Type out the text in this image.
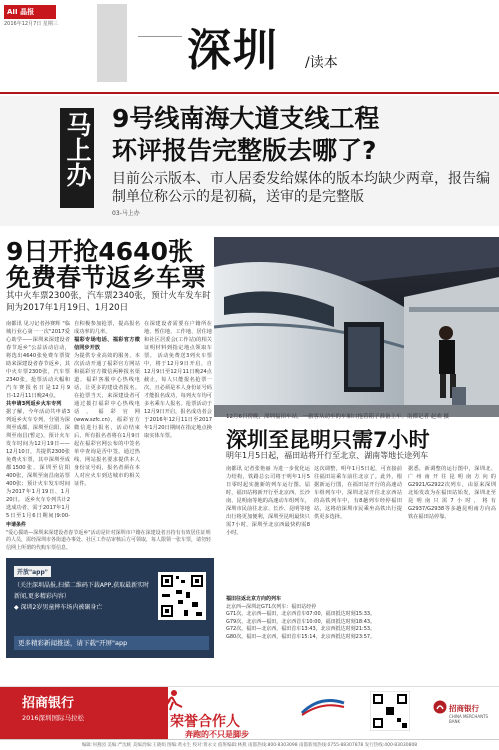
AII 晶报
2016年12月7日 星期三
深圳 /读本
马上办 9号线南海大道支线工程
环评报告完整版去哪了?
目前公示版本、市人居委发给媒体的版本均缺少两章，报告编制单位称公示的是初稿，送审的是完整版
03-马上办
9日开抢4640张
免费春节返乡车票
其中火车票2300张，汽车票2340张，预计火车发车时间为2017年1月19日、1月20日
南都讯 见习记者孙赛辉 "临城行业心第一一次"2017爱心助学——深圳来深建设者春节返乡"公益活动启动，将选出4640张免费车票资助来深建设者春节返乡，其中火车票2300张，汽车票2340张，抢票活动大幅和汽车赛报名日是12月9日-12月11日晚24点。
共申请3列返乡火车专列
据了解，今年活动共申请3列返乡火车专列，分别为深圳至成都、深圳至信阳、深圳至南昌(暂定)，预计火车发车时间为12月19日——12月10日，共提供2300张免费火车票，其中深圳至成都1500张、深圳至信阳400张，深圳至南昌南站票400张；预计火车发车时间为2017年1月19日、1月20日。 返乡火车专列共计2选成功者，需于2017年1月5日至1月6日期间(9:00-
自积极参加抢票，提高报名成功率的几率。
福彩专场电话、福彩官方微信同步开放
为提供专业高效的服务，本次活动开通了福彩官方网站和福彩官方微信两种报名渠道，福彩客服中心热线电话，让更多的建设者报名。在抢票当天，来深建设者可通过拨打福彩中心热线电话，福彩官网(www.szfc.cn)，福彩官方微信进行报名，活动结束后，所有报名者将在1月9日起在福彩官网公布的中签名单中查询是否中签。通过热线、网站报名要求提供本人身份证号码，报名者须在本人对应火车到达城市的相关证件。
在深建设者需要在户籍所在地、暂住地、工作地、居住地和社区居委会(工作站)的相关证明材料到指定地点领取车票。 活动免费送3列火车票中，将于12月9日开启，自12月9日至12月11日晚24点截止，每人只能报名抢票一次，且必须是本人身份证号码才能报名成功，每列火车均可多名乘车人报名。抢票活动于12月9日开启，报名成功者会于2016年12月11日至2017年1月20日期间在指定地点换取实体车票。
申请条件
"爱心援助—深圳来深建设者春节返乡"活动是针对深圳市户籍在深建设者且持有有效居住证明的人员，需经深圳市各街道办事处、社区工作站审核后方可领取，每人限领一张车票，请勿轻信网上所谓的代购车票信息。
开放"app"
（关注深圳晶报,扫描二维码下载APP,获取最新实时新闻,更多精彩内容）
◆ 深圳2岁男童摔车场内被碾身亡
更多精彩新闻推送，请下载"开屏"app
12月6日傍晚，深圳福田车站，一旅客从动车的车厢口拖着箱子准备上车。南都记者 赵欢 摄
深圳至昆明只需7小时
明年1月5日起，福田站将开行至北京、湖南等地长途列车
南都讯 记者张艳丽 为进一步优化运力结构，铁路总公司将于明年1月5日零时起实施新的列车运行图。届时，福田站将新开行至北京西、长沙南、昆明南等地的高速动车组列车，深圳市民前往北京、长沙、昆明等地出行将更加便利，深圳至昆明最快只需7小时，深圳至北京西最快约需8小时。
这次调整，明年1月5日起，可直接前往福田站乘车前往北京了。此外，根据新运行图，在福田站开行的高速动车组列车中，深圳北站开往北京西站的高铁列车中，有8趟列车经停福田站，这将给深圳市民乘坐高铁出行提供更多选择。
据悉，新调整的运行图中，深圳北、广州南开往昆明南方向的G2921/G2922次列车，由原来深圳北始发改为在福田站始发，深圳北至昆明南只需7小时，将有G2937/G2938等多趟昆明南方向高铁在福田站停靠。
福田往返北京方向的列车
北京西—深圳北G71次列车：福田站经停
G71次，北京西—福田，北京西首车07:00，福田抵达时刻15:33。
G79次，北京西—福田，北京西首车10:00，福田抵达时刻18:43。
G72次，福田—北京西，福田首车13:43，北京西抵达时刻21:53。
G80次，福田—北京西，福田首车15:14，北京西抵达时刻23:57。
招商银行
2016深圳国际马拉松	荣誉合作人
奔跑的不只是脚步
招商银行
CHINA MERCHANTS BANK
编辑:何燕园 美编:严沈峡 美编责编:王晓娟 图编:黄永生 校对:黄永文 值班编辑:林燕 南都热线:800·8303098 南都新闻热线:0755·88307878 发行热线:400·83030808
